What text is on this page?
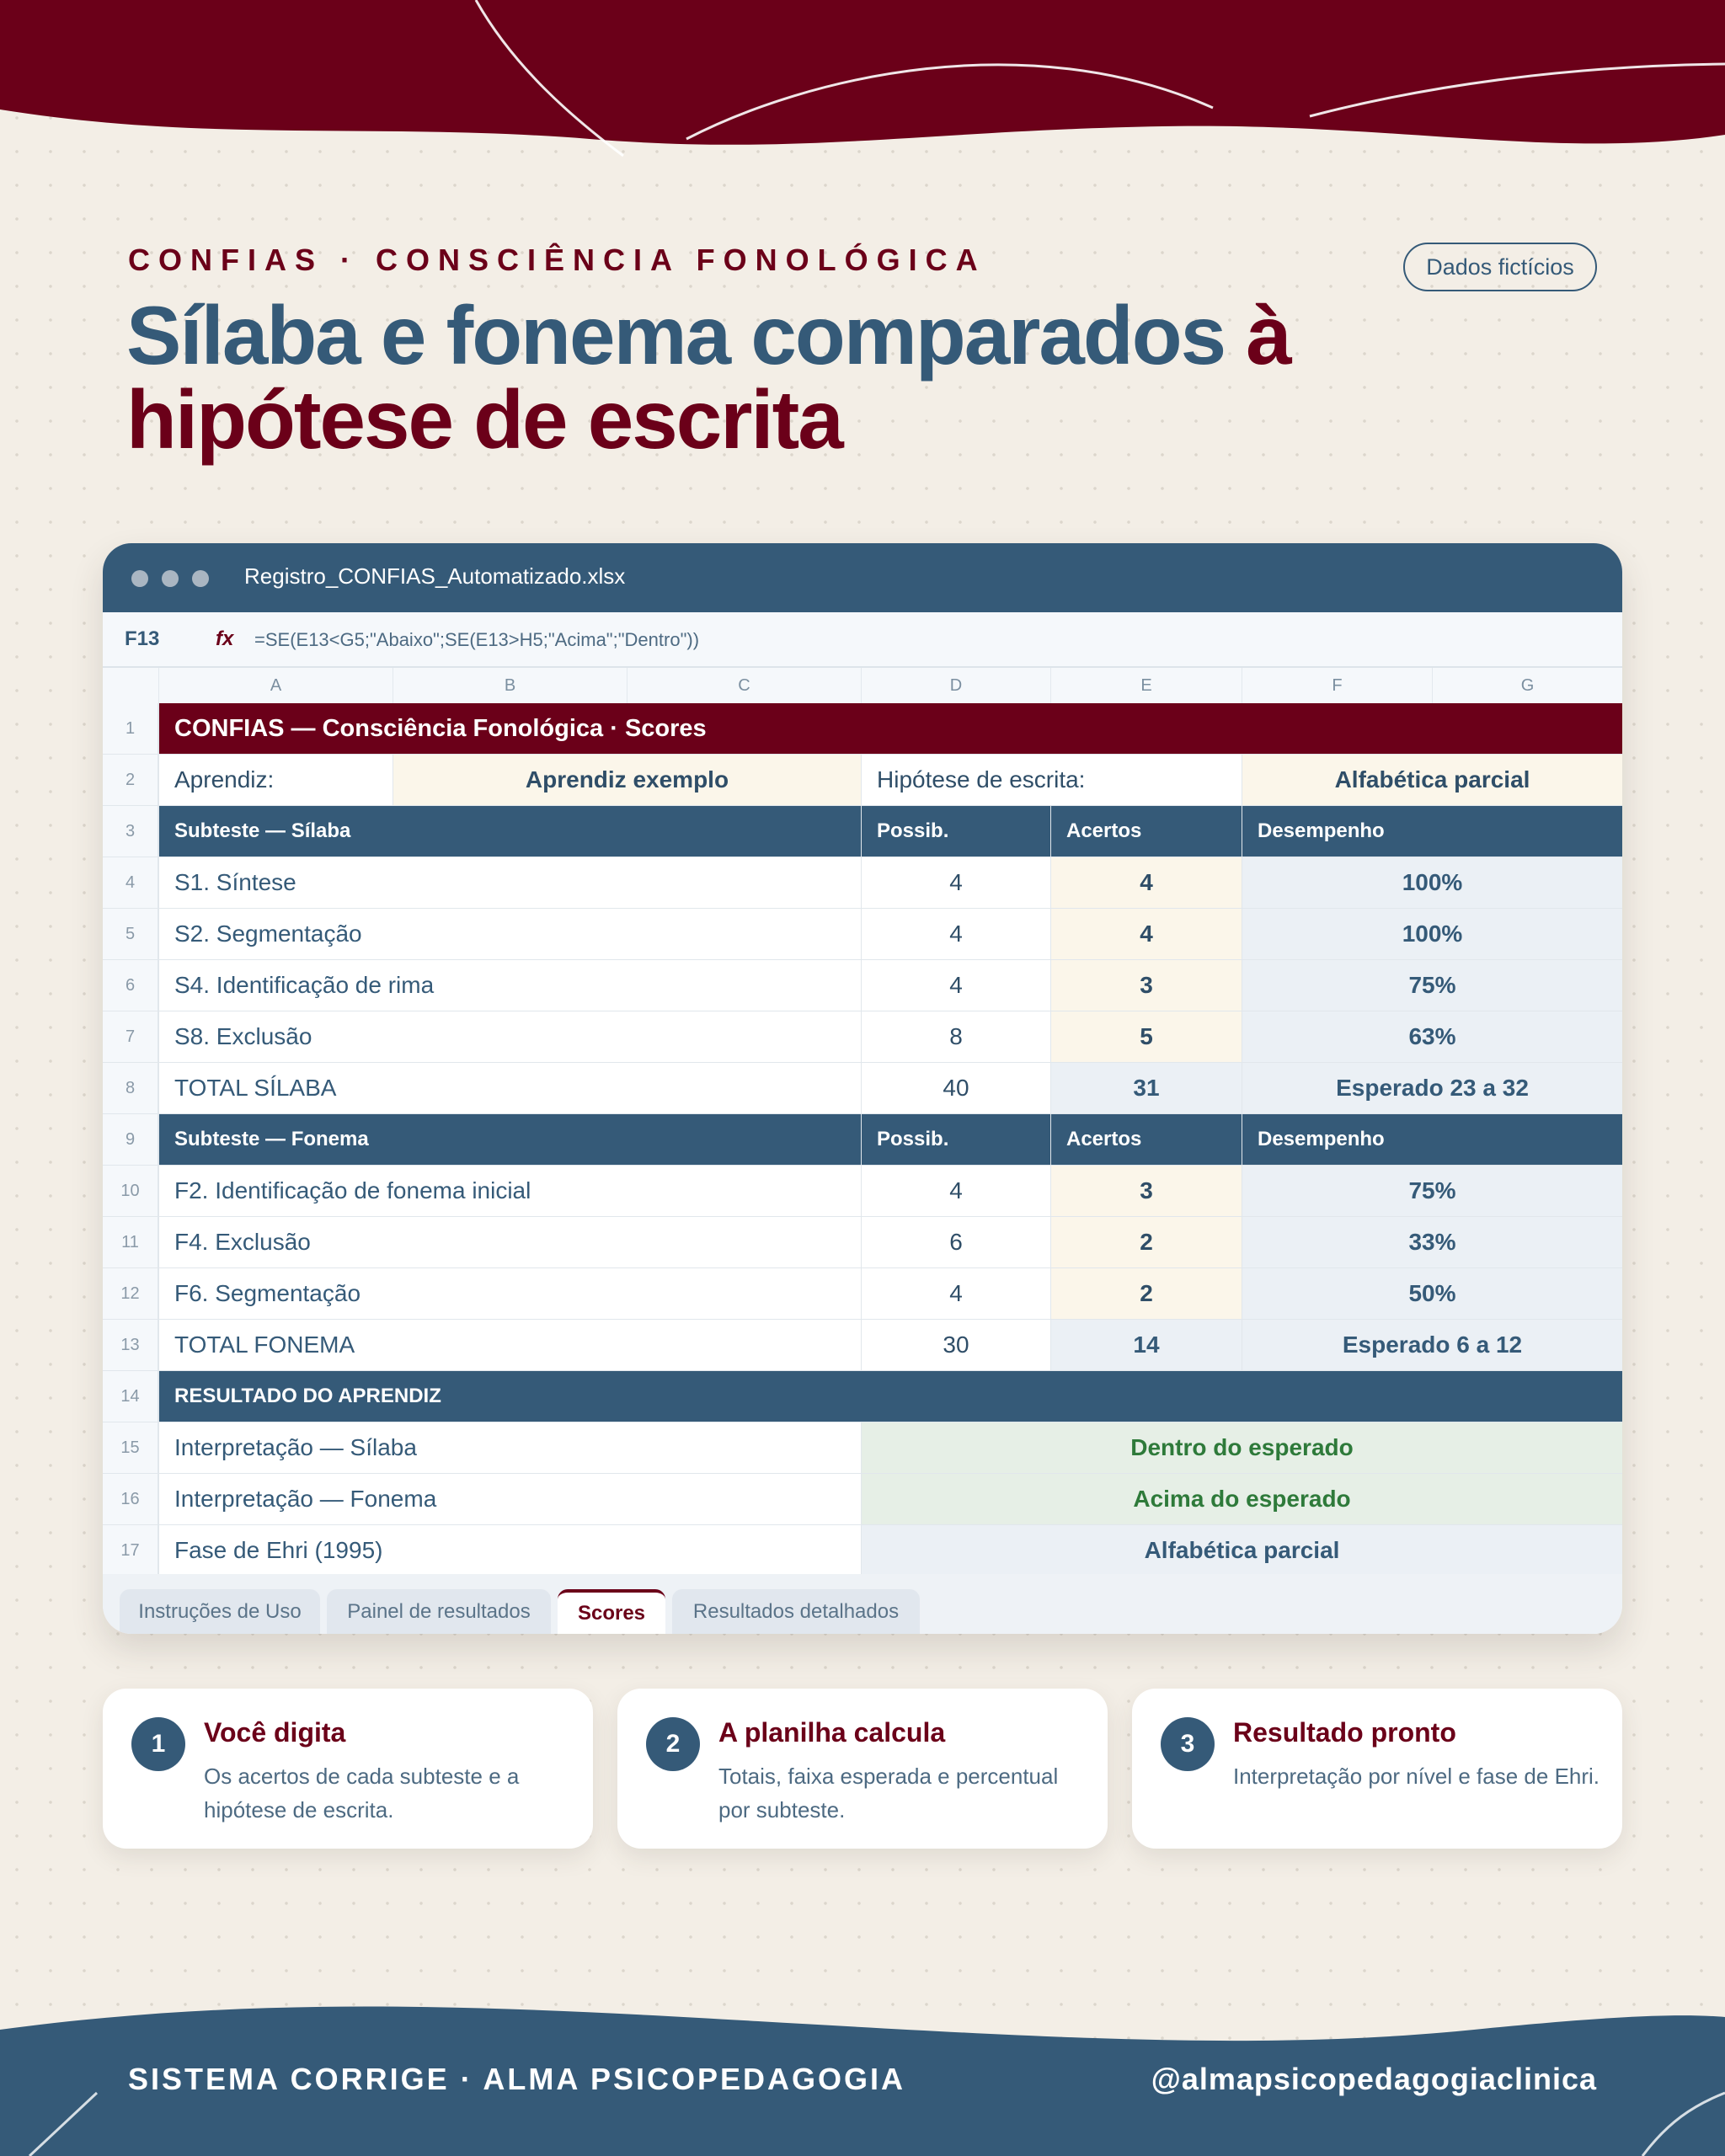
CONFIAS · CONSCIÊNCIA FONOLÓGICA	Dados fictícios
Sílaba e fonema comparados à hipótese de escrita
Registro_CONFIAS_Automatizado.xlsx
F13	fx =SE(E13<G5;"Abaixo";SE(E13>H5;"Acima";"Dentro"))
A	B	C	D	E	F	G
1	CONFIAS — Consciência Fonológica · Scores
2	Aprendiz:	Aprendiz exemplo	Hipótese de escrita:	Alfabética parcial
3	Subteste — Sílaba	Possib.	Acertos	Desempenho
4	S1. Síntese	4	4	100%
5	S2. Segmentação	4	4	100%
6	S4. Identificação de rima	4	3	75%
7	S8. Exclusão	8	5	63%
8	TOTAL SÍLABA	40	31	Esperado 23 a 32
9	Subteste — Fonema	Possib.	Acertos	Desempenho
10	F2. Identificação de fonema inicial	4	3	75%
11	F4. Exclusão	6	2	33%
12	F6. Segmentação	4	2	50%
13	TOTAL FONEMA	30	14	Esperado 6 a 12
14	RESULTADO DO APRENDIZ
15	Interpretação — Sílaba	Dentro do esperado
16	Interpretação — Fonema	Acima do esperado
17	Fase de Ehri (1995)	Alfabética parcial
Instruções de Uso	Painel de resultados	Scores	Resultados detalhados
1	Você digita
Os acertos de cada subteste e a hipótese de escrita.
2	A planilha calcula
Totais, faixa esperada e percentual por subteste.
3	Resultado pronto
Interpretação por nível e fase de Ehri.
SISTEMA CORRIGE · ALMA PSICOPEDAGOGIA	@almapsicopedagogiaclinica
